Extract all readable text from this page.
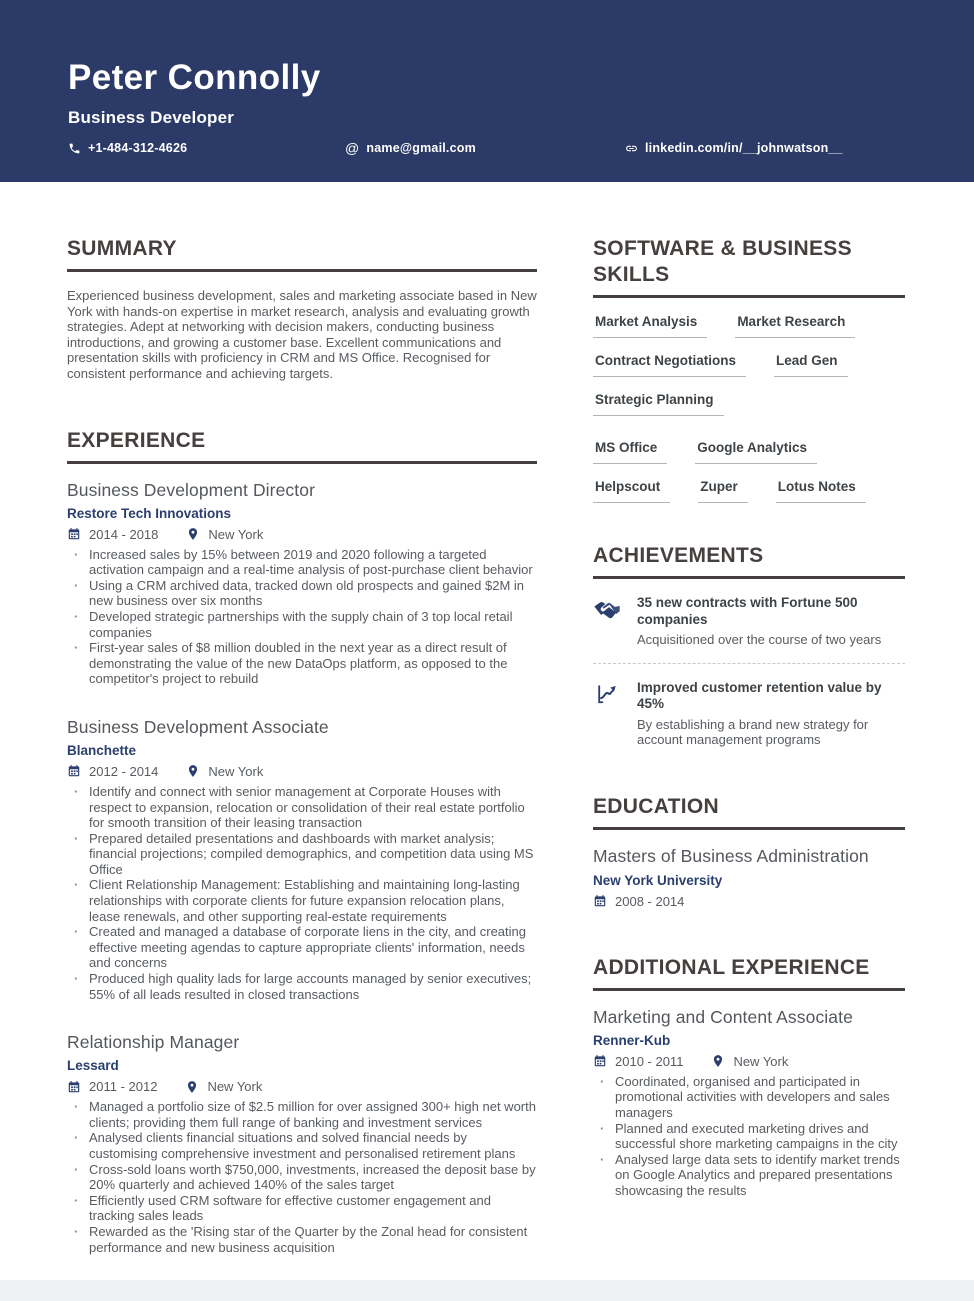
Peter Connolly
Business Developer
+1-484-312-4626	@ name@gmail.com	linkedin.com/in/__johnwatson__
SUMMARY

Experienced business development, sales and marketing associate based in New York with hands-on expertise in market research, analysis and evaluating growth strategies. Adept at networking with decision makers, conducting business introductions, and growing a customer base. Excellent communications and presentation skills with proficiency in CRM and MS Office. Recognised for consistent performance and achieving targets.

EXPERIENCE
Business Development Director
Restore Tech Innovations
2014 - 2018	New York
· Increased sales by 15% between 2019 and 2020 following a targeted activation campaign and a real-time analysis of post-purchase client behavior
· Using a CRM archived data, tracked down old prospects and gained $2M in new business over six months
· Developed strategic partnerships with the supply chain of 3 top local retail companies
· First-year sales of $8 million doubled in the next year as a direct result of demonstrating the value of the new DataOps platform, as opposed to the competitor's project to rebuild
Business Development Associate
Blanchette
2012 - 2014	New York
· Identify and connect with senior management at Corporate Houses with respect to expansion, relocation or consolidation of their real estate portfolio for smooth transition of their leasing transaction
· Prepared detailed presentations and dashboards with market analysis; financial projections; compiled demographics, and competition data using MS Office
· Client Relationship Management: Establishing and maintaining long-lasting relationships with corporate clients for future expansion relocation plans, lease renewals, and other supporting real-estate requirements
· Created and managed a database of corporate liens in the city, and creating effective meeting agendas to capture appropriate clients' information, needs and concerns
· Produced high quality lads for large accounts managed by senior executives; 55% of all leads resulted in closed transactions
Relationship Manager
Lessard
2011 - 2012	New York
· Managed a portfolio size of $2.5 million for over assigned 300+ high net worth clients; providing them full range of banking and investment services
· Analysed clients financial situations and solved financial needs by customising comprehensive investment and personalised retirement plans
· Cross-sold loans worth $750,000, investments, increased the deposit base by 20% quarterly and achieved 140% of the sales target
· Efficiently used CRM software for effective customer engagement and tracking sales leads
· Rewarded as the 'Rising star of the Quarter by the Zonal head for consistent performance and new business acquisition
SOFTWARE & BUSINESS SKILLS
Market Analysis	Market Research
Contract Negotiations	Lead Gen
Strategic Planning
MS Office	Google Analytics
Helpscout	Zuper	Lotus Notes
ACHIEVEMENTS
35 new contracts with Fortune 500 companies
Acquisitioned over the course of two years
Improved customer retention value by 45%
By establishing a brand new strategy for account management programs
EDUCATION
Masters of Business Administration
New York University
2008 - 2014
ADDITIONAL EXPERIENCE
Marketing and Content Associate
Renner-Kub
2010 - 2011	New York
· Coordinated, organised and participated in promotional activities with developers and sales managers
· Planned and executed marketing drives and successful shore marketing campaigns in the city
· Analysed large data sets to identify market trends on Google Analytics and prepared presentations showcasing the results
